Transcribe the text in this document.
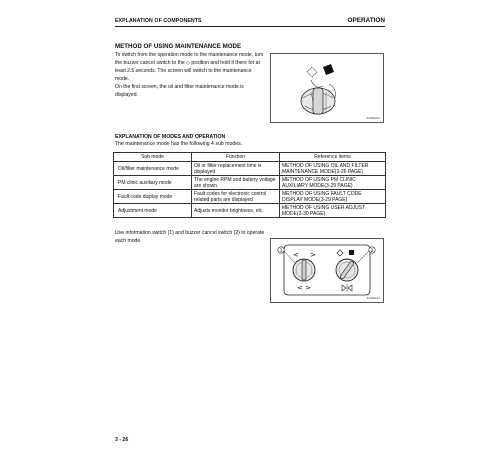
EXPLANATION OF COMPONENTS	OPERATION
METHOD OF USING MAINTENANCE MODE
To switch from the operation mode to the maintenance mode, turn
the buzzer cancel switch to the ◇ position and hold it there for at
least 2.5 seconds. The screen will switch to the maintenance
mode.
On the first screen, the oil and filter maintenance mode is
displayed.
3LS00201
EXPLANATION OF MODES AND OPERATION
The maintenance mode has the following 4 sub modes.
Sub mode	Function	Reference items
Oil/filter maintenance mode	Oil or filter replacement time is displayed	METHOD OF USING OIL AND FILTER MAINTENANCE MODE(3-26 PAGE)
PM clinic auxiliary mode	The engine RPM and battery voltage are shown.	METHOD OF USING PM CLINIC AUXILIARY MODE(3-29 PAGE)
Fault code display mode	Fault codes for electronic control related parts are displayed	METHOD OF USING FAULT CODE DISPLAY MODE(3-29 PAGE)
Adjustment mode	Adjusts monitor brightness, etc.	METHOD OF USING USER ADJUST MODE(3-30 PAGE)
Use information switch (1) and buzzer cancel switch (2) to operate
each mode.
< >
< >
1	2
3LS00101
3 - 26
